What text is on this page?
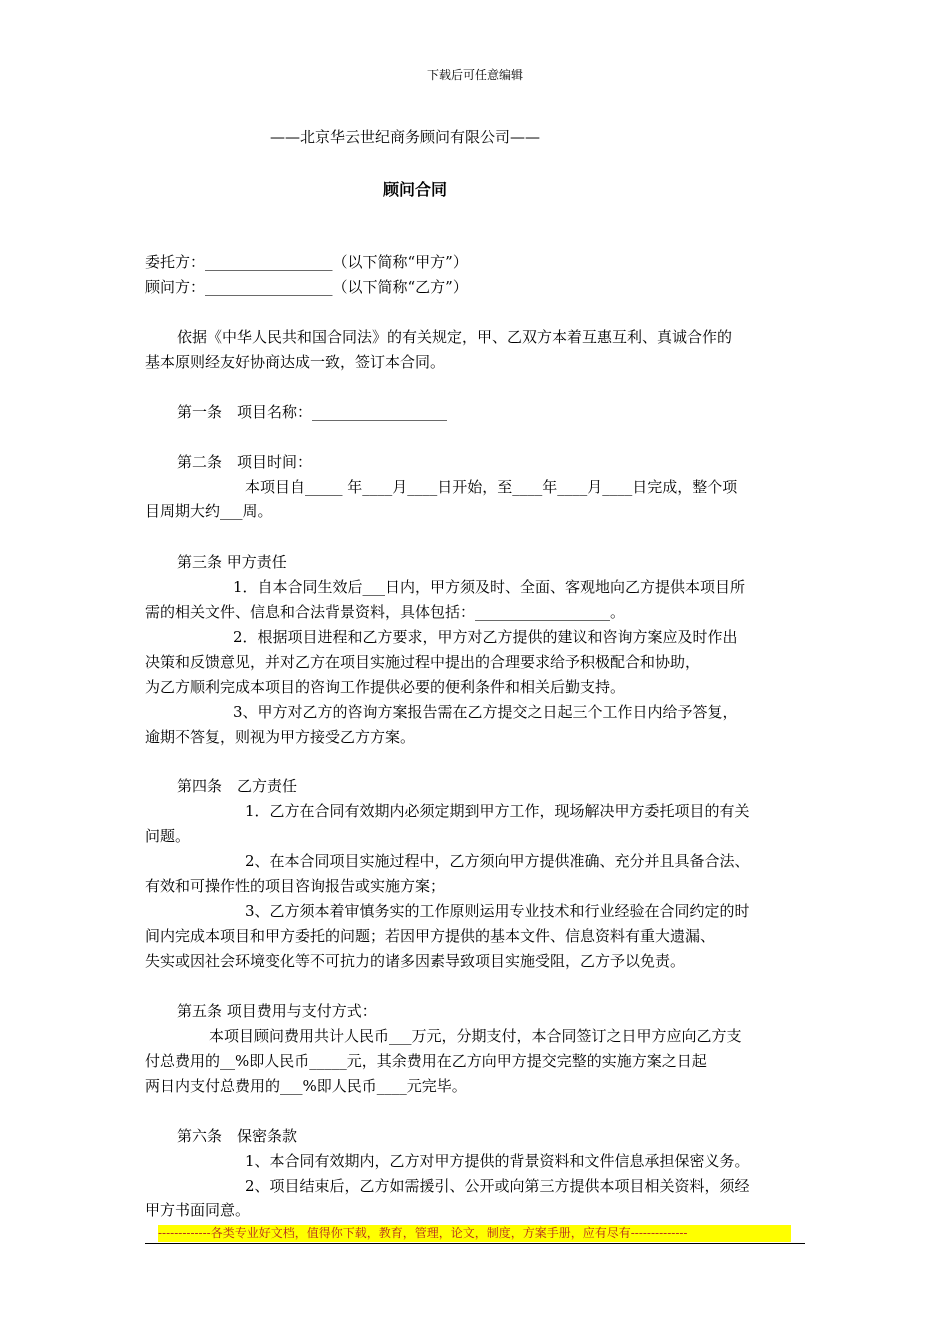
下载后可任意编辑
——北京华云世纪商务顾问有限公司——
顾问合同
委托方：_________________（以下简称“甲方”）
顾问方：_________________（以下简称“乙方”）
依据《中华人民共和国合同法》的有关规定，甲、乙双方本着互惠互利、真诚合作的
基本原则经友好协商达成一致，签订本合同。
第一条　项目名称：__________________
第二条　项目时间：
本项目自_____ 年____月____日开始，至____年____月____日完成，整个项
目周期大约___周。
第三条 甲方责任
1．自本合同生效后___日内，甲方须及时、全面、客观地向乙方提供本项目所
需的相关文件、信息和合法背景资料，具体包括：__________________。
2．根据项目进程和乙方要求，甲方对乙方提供的建议和咨询方案应及时作出
决策和反馈意见，并对乙方在项目实施过程中提出的合理要求给予积极配合和协助，
为乙方顺利完成本项目的咨询工作提供必要的便利条件和相关后勤支持。
3、甲方对乙方的咨询方案报告需在乙方提交之日起三个工作日内给予答复，
逾期不答复，则视为甲方接受乙方方案。
第四条　乙方责任
1．乙方在合同有效期内必须定期到甲方工作，现场解决甲方委托项目的有关
问题。
2、在本合同项目实施过程中，乙方须向甲方提供准确、充分并且具备合法、
有效和可操作性的项目咨询报告或实施方案；
3、乙方须本着审慎务实的工作原则运用专业技术和行业经验在合同约定的时
间内完成本项目和甲方委托的问题；若因甲方提供的基本文件、信息资料有重大遗漏、
失实或因社会环境变化等不可抗力的诸多因素导致项目实施受阻，乙方予以免责。
第五条 项目费用与支付方式：
本项目顾问费用共计人民币___万元，分期支付，本合同签订之日甲方应向乙方支
付总费用的__%即人民币_____元，其余费用在乙方向甲方提交完整的实施方案之日起
两日内支付总费用的___%即人民币____元完毕。
第六条　保密条款
1、本合同有效期内，乙方对甲方提供的背景资料和文件信息承担保密义务。
2、项目结束后，乙方如需援引、公开或向第三方提供本项目相关资料，须经
甲方书面同意。
-------------各类专业好文档，值得你下载，教育，管理，论文，制度，方案手册，应有尽有--------------
